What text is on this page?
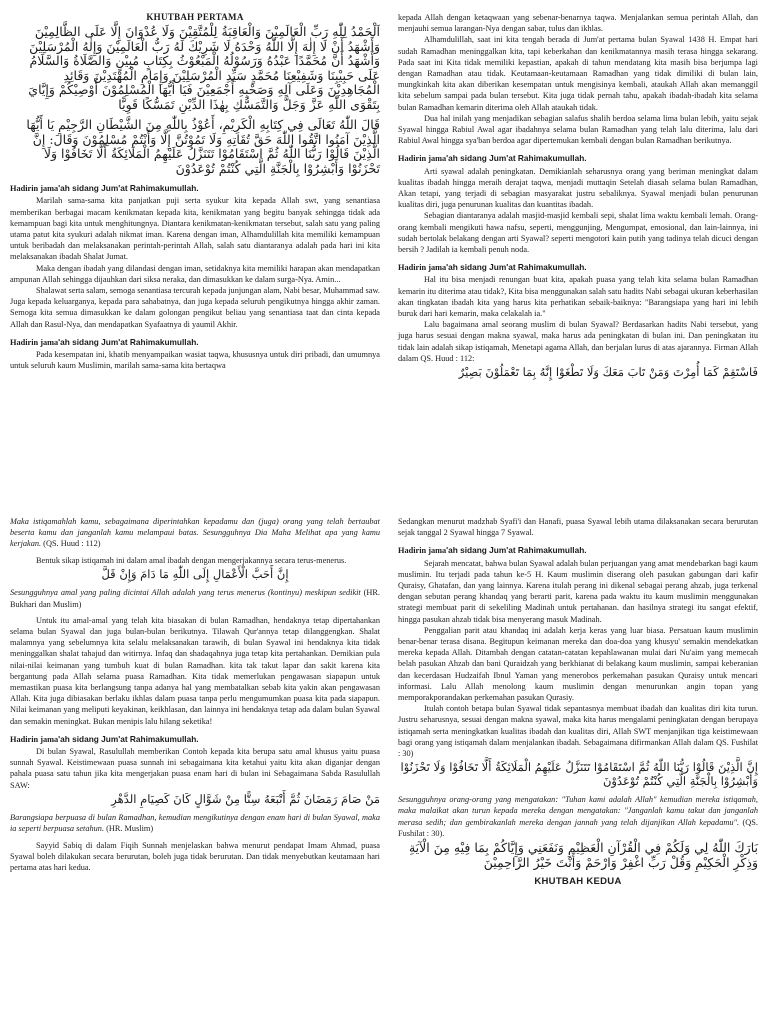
KHUTBAH PERTAMA
اَلْحَمْدُ لِلّٰهِ رَبِّ الْعَالَمِيْنَ وَالْعَاقِبَةُ لِلْمُتَّقِيْنَ وَلَا عُدْوَانَ إِلَّا عَلَى الظَّالِمِيْنَ وَأَشْهَدُ أَنْ لَا إِلٰهَ إِلَّا اللّٰهُ وَحْدَهُ لَا شَرِيْكَ لَهُ رَبُّ الْعَالَمِيْنَ وَإِلٰهُ الْمُرْسَلِيْنَ وَأَشْهَدُ أَنَّ مُحَمَّدًا عَبْدُهُ وَرَسُوْلُهُ الْمَبْعُوْثُ بِكِتَابٍ مُبِيْنٍ وَالصَّلَاةُ وَالسَّلَامُ عَلَى حَبِيْبِنَا وَشَفِيْعِنَا مُحَمَّدٍ سَيِّدِ الْمُرْسَلِيْنَ وَإِمَامِ الْمُهْتَدِيْنَ وَقَائِدِ الْمُجَاهِدِيْنَ وَعَلَى آلِهِ وَصَحْبِهِ أَجْمَعِيْنَ فَيَا أَيُّهَا الْمُسْلِمُوْنَ أُوْصِيْكُمْ وَإِيَّايَ بِتَقْوَى اللّٰهِ عَزَّ وَجَلَّ وَالتَّمَسُّكِ بِهٰذَا الدِّيْنِ تَمَسُّكًا قَوِيًّا
قَالَ اللّٰهُ تَعَالَى فِي كِتَابِهِ الْكَرِيْمِ، أَعُوْذُ بِاللّٰهِ مِنَ الشَّيْطَانِ الرَّجِيْمِ يَا أَيُّهَا الَّذِيْنَ آمَنُوا اتَّقُوا اللّٰهَ حَقَّ تُقَاتِهِ وَلَا تَمُوْتُنَّ إِلَّا وَأَنْتُمْ مُسْلِمُوْنَ وَقَالَ: إِنَّ الَّذِيْنَ قَالُوْا رَبُّنَا اللّٰهُ ثُمَّ اسْتَقَامُوْا تَتَنَزَّلُ عَلَيْهِمُ الْمَلَائِكَةُ أَلَّا تَخَافُوْا وَلَا تَحْزَنُوْا وَأَبْشِرُوْا بِالْجَنَّةِ الَّتِي كُنْتُمْ تُوْعَدُوْنَ
Hadirin jama'ah sidang Jum'at Rahimakumullah.

Marilah sama-sama kita panjatkan puji serta syukur kita kepada Allah swt, yang senantiasa memberikan berbagai macam kenikmatan kepada kita, kenikmatan yang begitu banyak sehingga tidak ada kemampuan bagi kita untuk menghitungnya. Diantara kenikmatan-kenikmatan tersebut, salah satu yang paling utama patut kita syukuri adalah nikmat iman. Karena dengan iman, Alhamdulillah kita memiliki kemampuan untuk beribadah dan melaksanakan perintah-perintah Allah, salah satu diantaranya adalah pada hari ini kita melaksanakan ibadah Shalat Jumat.

Maka dengan ibadah yang dilandasi dengan iman, setidaknya kita memiliki harapan akan mendapatkan ampunan Allah sehingga dijauhkan dari siksa neraka, dan dimasukkan ke dalam surga-Nya. Amin...

Shalawat serta salam, semoga senantiasa tercurah kepada junjungan alam, Nabi besar, Muhammad saw. Juga kepada keluarganya, kepada para sahabatnya, dan juga kepada seluruh pengikutnya hingga akhir zaman. Semoga kita semua dimasukkan ke dalam golongan pengikut beliau yang senantiasa taat dan cinta kepada Allah dan Rasul-Nya, dan mendapatkan Syafaatnya di yaumil Akhir.

Hadirin jama'ah sidang Jum'at Rahimakumullah.

Pada kesempatan ini, khatib menyampaikan wasiat taqwa, khususnya untuk diri pribadi, dan umumnya untuk seluruh kaum Muslimin, marilah sama-sama kita bertaqwa

kepada Allah dengan ketaqwaan yang sebenar-benarnya taqwa. Menjalankan semua perintah Allah, dan menjauhi semua larangan-Nya dengan sabar, tulus dan ikhlas.

Alhamdulillah, saat ini kita tengah berada di Jum'at pertama bulan Syawal 1438 H. Empat hari sudah Ramadhan meninggalkan kita, tapi keberkahan dan kenikmatannya masih terasa hingga sekarang. Pada saat ini Kita tidak memiliki kepastian, apakah di tahun mendatang kita masih bisa berjumpa lagi dengan Ramadhan atau tidak. Keutamaan-keutamaan Ramadhan yang tidak dimiliki di bulan lain, mungkinkah kita akan diberikan kesempatan untuk mengisinya kembali, ataukah Allah akan memanggil kita sebelum sampai pada bulan tersebut. Kita juga tidak pernah tahu, apakah ibadah-ibadah kita selama bulan Ramadhan kemarin diterima oleh Allah ataukah tidak.

Dua hal inilah yang menjadikan sebagian salafus shalih berdoa selama lima bulan lebih, yaitu sejak Syawal hingga Rabiul Awal agar ibadahnya selama bulan Ramadhan yang telah lalu diterima, lalu dari Rabiul Awal hingga sya'ban berdoa agar dipertemukan kembali dengan bulan Ramadhan berikutnya.

Hadirin jama'ah sidang Jum'at Rahimakumullah.

Arti syawal adalah peningkatan. Demikianlah seharusnya orang yang beriman meningkat dalam kualitas ibadah hingga meraih derajat taqwa, menjadi muttaqin Setelah diasah selama bulan Ramadhan, Akan tetapi, yang terjadi di sebagian masyarakat justru sebaliknya. Syawal menjadi bulan penurunan kualitas diri, juga penurunan kualitas dan kuantitas ibadah.

Sebagian diantaranya adalah masjid-masjid kembali sepi, shalat lima waktu kembali lemah. Orang-orang kembali mengikuti hawa nafsu, seperti, menggunjing, Mengumpat, emosional, dan lain-lainnya, ini sudah bertolak belakang dengan arti Syawal? seperti mengotori kain putih yang tadinya telah dicuci dengan bersih ? Jadilah ia kembali penuh noda.

Hadirin jama'ah sidang Jum'at Rahimakumullah.

Hal itu bisa menjadi renungan buat kita, apakah puasa yang telah kita selama bulan Ramadhan kemarin itu diterima atau tidak?, Kita bisa menggunakan salah satu hadits Nabi sebagai ukuran keberhasilan akan tingkatan ibadah kita yang harus kita perhatikan sebaik-baiknya: "Barangsiapa yang hari ini lebih buruk dari hari kemarin, maka celakalah ia."

Lalu bagaimana amal seorang muslim di bulan Syawal? Berdasarkan hadits Nabi tersebut, yang juga harus sesuai dengan makna syawal, maka harus ada peningkatan di bulan ini. Dan peningkatan itu tidak lain adalah sikap istiqamah, Menetapi agama Allah, dan berjalan lurus di atas ajarannya. Firman Allah dalam QS. Huud : 112:

فَاسْتَقِمْ كَمَا أُمِرْتَ وَمَنْ تَابَ مَعَكَ وَلَا تَطْغَوْا إِنَّهُ بِمَا تَعْمَلُوْنَ بَصِيْرٌ

Maka istiqamahlah kamu, sebagaimana diperintahkan kepadamu dan (juga) orang yang telah bertaubat beserta kamu dan janganlah kamu melampaui batas. Sesungguhnya Dia Maha Melihat apa yang kamu kerjakan. (QS. Huud : 112)

Bentuk sikap istiqamah ini dalam amal ibadah dengan mengerjakannya secara terus-menerus.

إِنَّ أَحَبَّ الْأَعْمَالِ إِلَى اللّٰهِ مَا دَامَ وَإِنْ قَلَّ

Sesungguhnya amal yang paling dicintai Allah adalah yang terus menerus (kontinyu) meskipun sedikit (HR. Bukhari dan Muslim)

Untuk itu amal-amal yang telah kita biasakan di bulan Ramadhan, hendaknya tetap dipertahankan selama bulan Syawal dan juga bulan-bulan berikutnya. Tilawah Qur'annya tetap dilanggengkan. Shalat malamnya yang sebelumnya kita selalu melaksanakan tarawih, di bulan Syawal ini hendaknya kita tidak meninggalkan shalat tahajud dan witirnya. Infaq dan shadaqahnya juga tetap kita pertahankan. Demikian pula nilai-nilai keimanan yang tumbuh kuat di bulan Ramadhan. kita tak takut lapar dan sakit karena kita bergantung pada Allah selama puasa Ramadhan. Kita tidak memerlukan pengawasan siapapun untuk memastikan puasa kita berlangsung tanpa adanya hal yang membatalkan sebab kita yakin akan pengawasan Allah. Kita juga dibiasakan berlaku ikhlas dalam puasa tanpa perlu mengumumkan puasa kita pada siapapun. Nilai keimanan yang meliputi keyakinan, keikhlasan, dan lainnya ini hendaknya tetap ada dalam bulan Syawal dan semakin meningkat. Bukan menipis lalu hilang seketika!

Hadirin jama'ah sidang Jum'at Rahimakumullah.

Di bulan Syawal, Rasulullah memberikan Contoh kepada kita berupa satu amal khusus yaitu puasa sunnah Syawal. Keistimewaan puasa sunnah ini sebagaimana kita ketahui yaitu kita akan diganjar dengan pahala puasa satu tahun jika kita mengerjakan puasa enam hari di bulan ini Sebagaimana Sabda Rasulullah SAW:

مَنْ صَامَ رَمَضَانَ ثُمَّ أَتْبَعَهُ سِتًّا مِنْ شَوَّالٍ كَانَ كَصِيَامِ الدَّهْرِ

Barangsiapa berpuasa di bulan Ramadhan, kemudian mengikutinya dengan enam hari di bulan Syawal, maka ia seperti berpuasa setahun. (HR. Muslim)

Sayyid Sabiq di dalam Fiqih Sunnah menjelaskan bahwa menurut pendapat Imam Ahmad, puasa Syawal boleh dilakukan secara berurutan, boleh juga tidak berurutan. Dan tidak menyebutkan keutamaan hari pertama atas hari kedua.

Sedangkan menurut madzhab Syafi'i dan Hanafi, puasa Syawal lebih utama dilaksanakan secara berurutan sejak tanggal 2 Syawal hingga 7 Syawal.

Hadirin jama'ah sidang Jum'at Rahimakumullah.

Sejarah mencatat, bahwa bulan Syawal adalah bulan perjuangan yang amat mendebarkan bagi kaum muslimin. Itu terjadi pada tahun ke-5 H. Kaum muslimin diserang oleh pasukan gabungan dari kafir Quraisy, Ghatafan, dan yang lainnya. Karena itulah perang ini dikenal sebagai perang ahzab, juga terkenal dengan sebutan perang khandaq yang berarti parit, karena pada waktu itu kaum muslimin menggunakan strategi membuat parit di sekeliling Madinah untuk pertahanan. dan hasilnya strategi itu sangat efektif, hingga pasukan ahzab tidak bisa menyerang masuk Madinah.

Penggalian parit atau khandaq ini adalah kerja keras yang luar biasa. Persatuan kaum muslimin benar-benar terasa disana. Begitupun keimanan mereka dan doa-doa yang khusyu' semakin mendekatkan mereka kepada Allah. Ditambah dengan catatan-catatan kepahlawanan mulai dari Nu'aim yang memecah belah pasukan Ahzab dan bani Quraidzah yang berkhianat di belakang kaum muslimin, sampai keberanian dan kecerdasan Hudzaifah Ibnul Yaman yang menerobos perkemahan pasukan Quraisy untuk mencari informasi. Lalu Allah menolong kaum muslimin dengan menurunkan angin topan yang memporakporandakan perkemahan pasukan Qurasiy.

Itulah contoh betapa bulan Syawal tidak sepantasnya membuat ibadah dan kualitas diri kita turun. Justru seharusnya, sesuai dengan makna syawal, maka kita harus mengalami peningkatan dengan berupaya istiqamah serta meningkatkan kualitas ibadah dan kualitas diri, Allah SWT menjanjikan tiga keistimewaan bagi orang yang istiqamah dalam menjalankan ibadah. Sebagaimana difirmankan Allah dalam QS. Fushilat : 30)

إِنَّ الَّذِيْنَ قَالُوْا رَبُّنَا اللّٰهُ ثُمَّ اسْتَقَامُوْا تَتَنَزَّلُ عَلَيْهِمُ الْمَلَائِكَةُ أَلَّا تَخَافُوْا وَلَا تَحْزَنُوْا وَأَبْشِرُوْا بِالْجَنَّةِ الَّتِي كُنْتُمْ تُوْعَدُوْنَ

Sesungguhnya orang-orang yang mengatakan: "Tuhan kami adalah Allah" kemudian mereka istiqamah, maka malaikat akan turun kepada mereka dengan mengatakan: "Janganlah kamu takut dan janganlah merasa sedih; dan gembirakanlah mereka dengan jannah yang telah dijanjikan Allah kepadamu". (QS. Fushilat : 30).

بَارَكَ اللّٰهُ لِي وَلَكُمْ فِي الْقُرْآنِ الْعَظِيْمِ وَنَفَعَنِي وَإِيَّاكُمْ بِمَا فِيْهِ مِنَ الْآيَةِ وَذِكْرِ الْحَكِيْمِ وَقُلْ رَبِّ اغْفِرْ وَارْحَمْ وَأَنْتَ خَيْرُ الرَّاحِمِيْنَ
KHUTBAH KEDUA
